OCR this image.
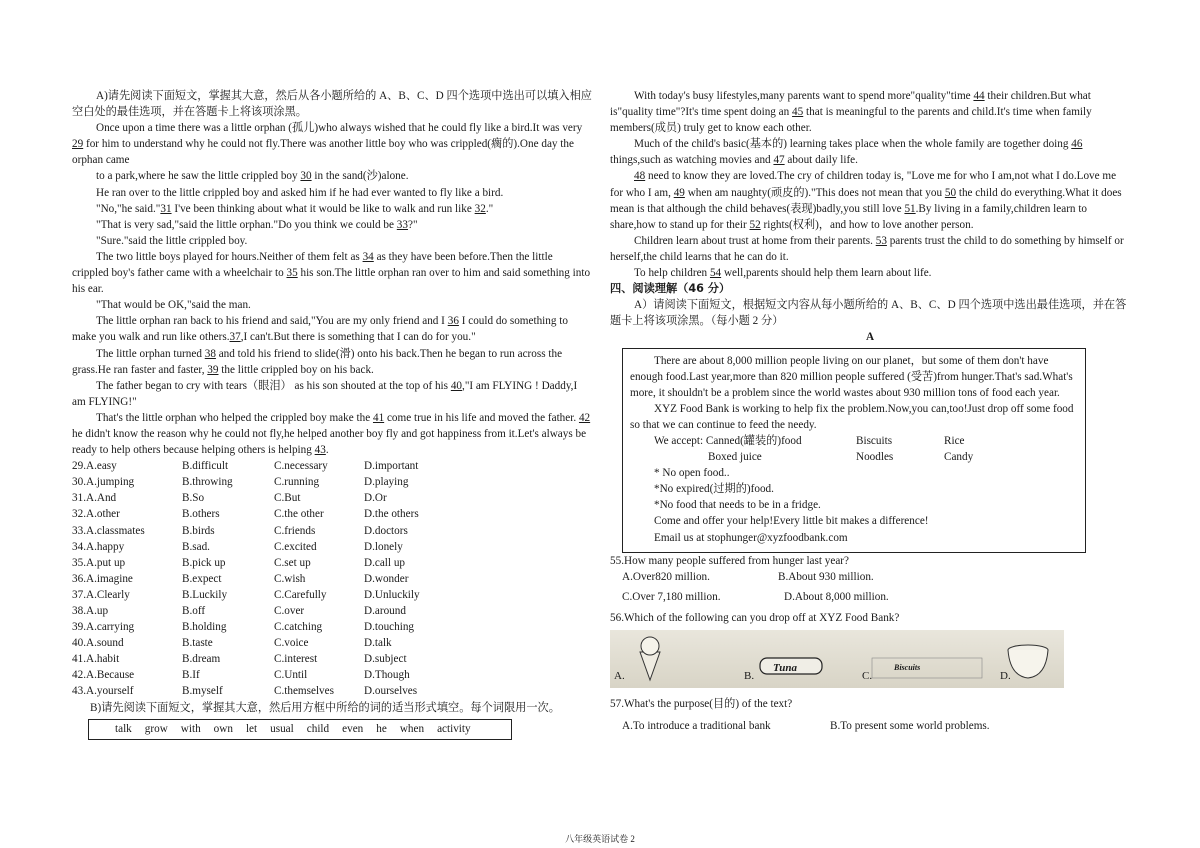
A)请先阅读下面短文，掌握其大意，然后从各小题所给的 A、B、C、D 四个选项中选出可以填入相应空白处的最佳选项，并在答题卡上将该项涂黑。

Once upon a time there was a little orphan (孤儿)who always wished that he could fly like a bird.It was very 29 for him to understand why he could not fly.There was another little boy who was crippled(瘸的).One day the orphan came

to a park,where he saw the little crippled boy 30 in the sand(沙)alone.

He ran over to the little crippled boy and asked him if he had ever wanted to fly like a bird.

"No,"he said."31 I've been thinking about what it would be like to walk and run like 32."

"That is very sad,"said the little orphan."Do you think we could be 33?"

"Sure."said the little crippled boy.

The two little boys played for hours.Neither of them felt as 34 as they have been before.Then the little crippled boy's father came with a wheelchair to 35 his son.The little orphan ran over to him and said something into his ear.

"That would be OK,"said the man.

The little orphan ran back to his friend and said,"You are my only friend and I 36 I could do something to make you walk and run like others.37,I can't.But there is something that I can do for you."

The little orphan turned 38 and told his friend to slide(滑) onto his back.Then he began to run across the grass.He ran faster and faster, 39 the little crippled boy on his back.

The father began to cry with tears（眼泪） as his son shouted at the top of his 40,"I am FLYING ! Daddy,I am FLYING!"

That's the little orphan who helped the crippled boy make the 41 come true in his life and moved the father. 42 he didn't know the reason why he could not fly,he helped another boy fly and got happiness from it.Let's always be ready to help others because helping others is helping 43.

29.A.easy	B.difficult	C.necessary	D.important
30.A.jumping	B.throwing	C.running	D.playing
31.A.And	B.So	C.But	D.Or
32.A.other	B.others	C.the other	D.the others
33.A.classmates	B.birds	C.friends	D.doctors
34.A.happy	B.sad.	C.excited	D.lonely
35.A.put up	B.pick up	C.set up	D.call up
36.A.imagine	B.expect	C.wish	D.wonder
37.A.Clearly	B.Luckily	C.Carefully	D.Unluckily
38.A.up	B.off	C.over	D.around
39.A.carrying	B.holding	C.catching	D.touching
40.A.sound	B.taste	C.voice	D.talk
41.A.habit	B.dream	C.interest	D.subject
42.A.Because	B.If	C.Until	D.Though
43.A.yourself	B.myself	C.themselves	D.ourselves

B)请先阅读下面短文，掌握其大意，然后用方框中所给的词的适当形式填空。每个词限用一次。

talk grow with own let usual child even he when activity

With today's busy lifestyles,many parents want to spend more"quality"time 44 their children.But what is"quality time"?It's time spent doing an 45 that is meaningful to the parents and child.It's time when family members(成员) truly get to know each other.

Much of the child's basic(基本的) learning takes place when the whole family are together doing 46 things,such as watching movies and 47 about daily life.

48 need to know they are loved.The cry of children today is, "Love me for who I am,not what I do.Love me for who I am, 49 when am naughty(顽皮的)."This does not mean that you 50 the child do everything.What it does mean is that although the child behaves(表现)badly,you still love 51.By living in a family,children learn to share,how to stand up for their 52 rights(权利)，and how to love another person.

Children learn about trust at home from their parents. 53 parents trust the child to do something by himself or herself,the child learns that he can do it.

To help children 54 well,parents should help them learn about life.

四、阅读理解（46 分）

A）请阅读下面短文，根据短文内容从每小题所给的 A、B、C、D 四个选项中选出最佳选项，并在答题卡上将该项涂黑。（每小题 2 分）

A

There are about 8,000 million people living on our planet，but some of them don't have enough food.Last year,more than 820 million people suffered (受苦)from hunger.That's sad.What's more, it shouldn't be a problem since the world wastes about 930 million tons of food each year.

XYZ Food Bank is working to help fix the problem.Now,you can,too!Just drop off some food so that we can continue to feed the needy.

We accept: Canned(罐装的)food	Biscuits	Rice
Boxed juice	Noodles	Candy

* No open food..

*No expired(过期的)food.

*No food that needs to be in a fridge.

Come and offer your help!Every little bit makes a difference!

Email us at stophunger@xyzfoodbank.com

55.How many people suffered from hunger last year?

A.Over820 million.	B.About 930 million.
C.Over 7,180 million.	D.About 8,000 million.

56.Which of the following can you drop off at XYZ Food Bank?

Tuna	Biscuits
A.	B.	C.	D.

57.What's the purpose(目的) of the text?

A.To introduce a traditional bank	B.To present some world problems.
八年级英语试卷 2
